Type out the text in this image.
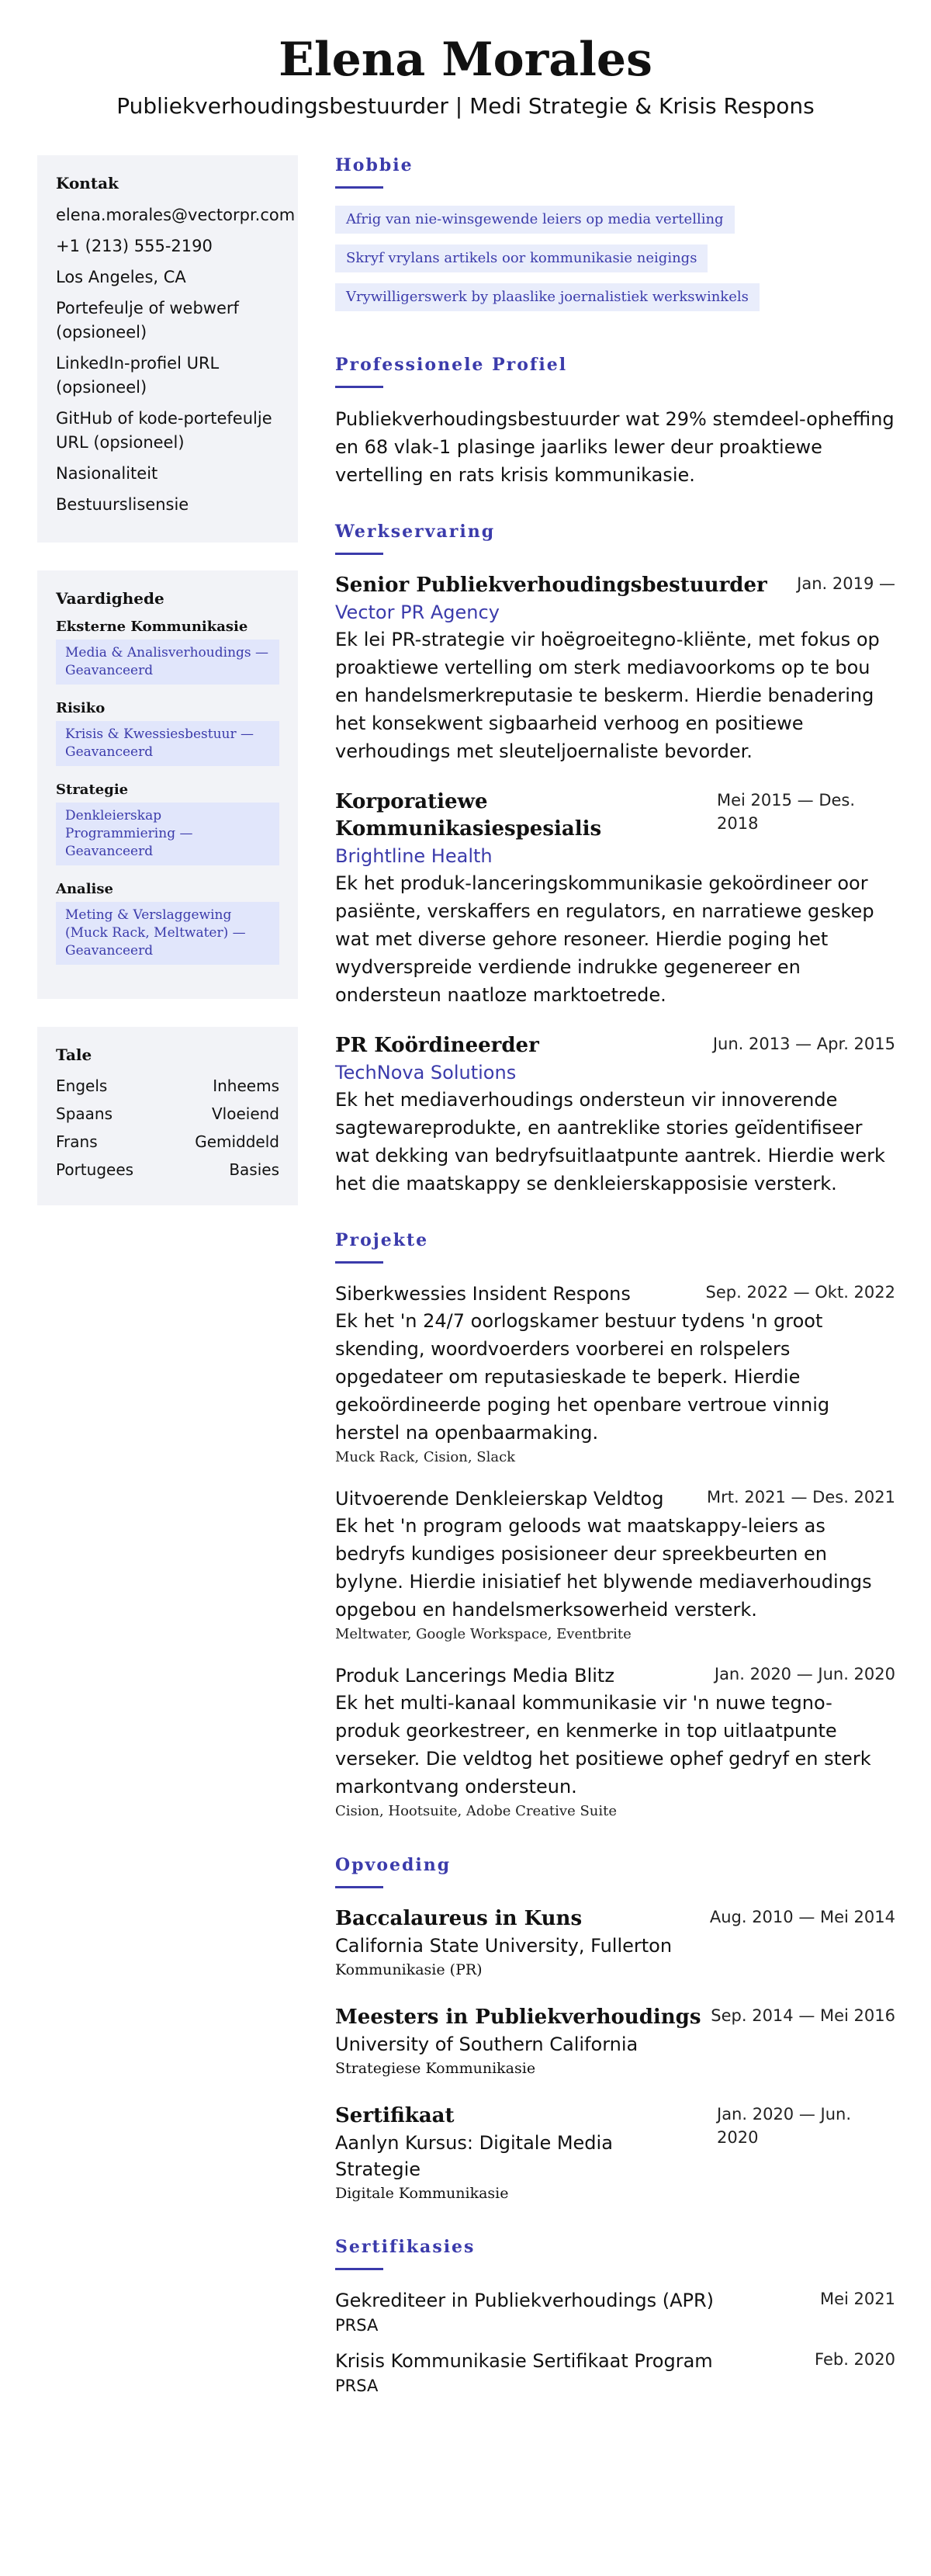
Elena Morales
Publiekverhoudingsbestuurder | Medi Strategie & Krisis Respons
Kontak
elena.morales@vectorpr.com
+1 (213) 555-2190
Los Angeles, CA
Portefeulje of webwerf (opsioneel)
LinkedIn-profiel URL (opsioneel)
GitHub of kode-portefeulje URL (opsioneel)
Nasionaliteit
Bestuurslisensie
Vaardighede
Eksterne Kommunikasie
Media & Analisverhoudings — Geavanceerd
Risiko
Krisis & Kwessiesbestuur — Geavanceerd
Strategie
Denkleierskap Programmiering — Geavanceerd
Analise
Meting & Verslaggewing (Muck Rack, Meltwater) — Geavanceerd
Tale
Engels	Inheems
Spaans	Vloeiend
Frans	Gemiddeld
Portugees	Basies
Hobbie
Afrig van nie-winsgewende leiers op media vertelling
Skryf vrylans artikels oor kommunikasie neigings
Vrywilligerswerk by plaaslike joernalistiek werkswinkels
Professionele Profiel

Publiekverhoudingsbestuurder wat 29% stemdeel-opheffing en 68 vlak-1 plasinge jaarliks lewer deur proaktiewe vertelling en rats krisis kommunikasie.

Werkservaring
Senior Publiekverhoudingsbestuurder Jan. 2019 —
Vector PR Agency
Ek lei PR-strategie vir hoëgroeitegno-kliënte, met fokus op proaktiewe vertelling om sterk mediavoorkoms op te bou en handelsmerkreputasie te beskerm. Hierdie benadering het konsekwent sigbaarheid verhoog en positiewe verhoudings met sleuteljoernaliste bevorder.
Korporatiewe Kommunikasiespesialis
Mei 2015 — Des. 2018
Brightline Health
Ek het produk-lanceringskommunikasie gekoördineer oor pasiënte, verskaffers en regulators, en narratiewe geskep wat met diverse gehore resoneer. Hierdie poging het wydverspreide verdiende indrukke gegenereer en ondersteun naatloze marktoetrede.
PR Koördineerder	Jun. 2013 — Apr. 2015
TechNova Solutions
Ek het mediaverhoudings ondersteun vir innoverende sagtewareprodukte, en aantreklike stories geïdentifiseer wat dekking van bedryfsuitlaatpunte aantrek. Hierdie werk het die maatskappy se denkleierskapposisie versterk.
Projekte
Siberkwessies Insident Respons	Sep. 2022 — Okt. 2022
Ek het 'n 24/7 oorlogskamer bestuur tydens 'n groot skending, woordvoerders voorberei en rolspelers opgedateer om reputasieskade te beperk. Hierdie gekoördineerde poging het openbare vertroue vinnig herstel na openbaarmaking.
Muck Rack, Cision, Slack
Uitvoerende Denkleierskap Veldtog	Mrt. 2021 — Des. 2021
Ek het 'n program geloods wat maatskappy-leiers as bedryfs kundiges posisioneer deur spreekbeurten en bylyne. Hierdie inisiatief het blywende mediaverhoudings opgebou en handelsmerksowerheid versterk.
Meltwater, Google Workspace, Eventbrite
Produk Lancerings Media Blitz	Jan. 2020 — Jun. 2020
Ek het multi-kanaal kommunikasie vir 'n nuwe tegno-produk georkestreer, en kenmerke in top uitlaatpunte verseker. Die veldtog het positiewe ophef gedryf en sterk markontvang ondersteun.
Cision, Hootsuite, Adobe Creative Suite
Opvoeding
Baccalaureus in Kuns	Aug. 2010 — Mei 2014
California State University, Fullerton
Kommunikasie (PR)
Meesters in Publiekverhoudings Sep. 2014 — Mei 2016
University of Southern California
Strategiese Kommunikasie
Sertifikaat
Aanlyn Kursus: Digitale Media Strategie
Jan. 2020 — Jun. 2020
Digitale Kommunikasie
Sertifikasies
Gekrediteer in Publiekverhoudings (APR)	Mei 2021
PRSA
Krisis Kommunikasie Sertifikaat Program	Feb. 2020
PRSA
